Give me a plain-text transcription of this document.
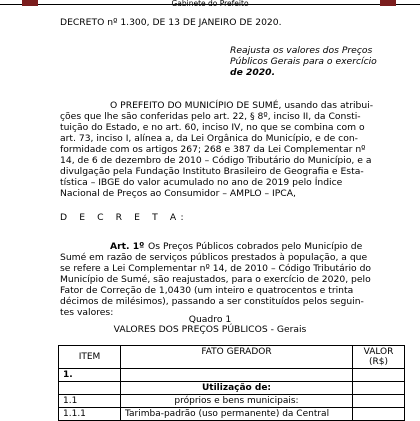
Gabinete do Prefeito
DECRETO nº 1.300, DE 13 DE JANEIRO DE 2020.
Reajusta os valores dos Preços
Públicos Gerais para o exercício
de 2020.
O PREFEITO DO MUNICÍPIO DE SUMÉ, usando das atribui-
ções que lhe são conferidas pelo art. 22, § 8º, inciso II, da Consti-
tuição do Estado, e no art. 60, inciso IV, no que se combina com o
art. 73, inciso I, alínea a, da Lei Orgânica do Município, e de con-
formidade com os artigos 267; 268 e 387 da Lei Complementar nº
14, de 6 de dezembro de 2010 – Código Tributário do Município, e a
divulgação pela Fundação Instituto Brasileiro de Geografia e Esta-
tística – IBGE do valor acumulado no ano de 2019 pelo Índice
Nacional de Preços ao Consumidor – AMPLO – IPCA,
D E C R E T A:
Art. 1º Os Preços Públicos cobrados pelo Município de
Sumé em razão de serviços públicos prestados à população, a que
se refere a Lei Complementar nº 14, de 2010 – Código Tributário do
Município de Sumé, são reajustados, para o exercício de 2020, pelo
Fator de Correção de 1,0430 (um inteiro e quatrocentos e trinta
décimos de milésimos), passando a ser constituídos pelos seguin-
tes valores:
Quadro 1
VALORES DOS PREÇOS PÚBLICOS - Gerais
ITEM	FATO GERADOR	VALOR (R$)
1.		
	Utilização de:	
1.1	próprios e bens municipais:	
1.1.1	Tarimba-padrão (uso permanente) da Central	
